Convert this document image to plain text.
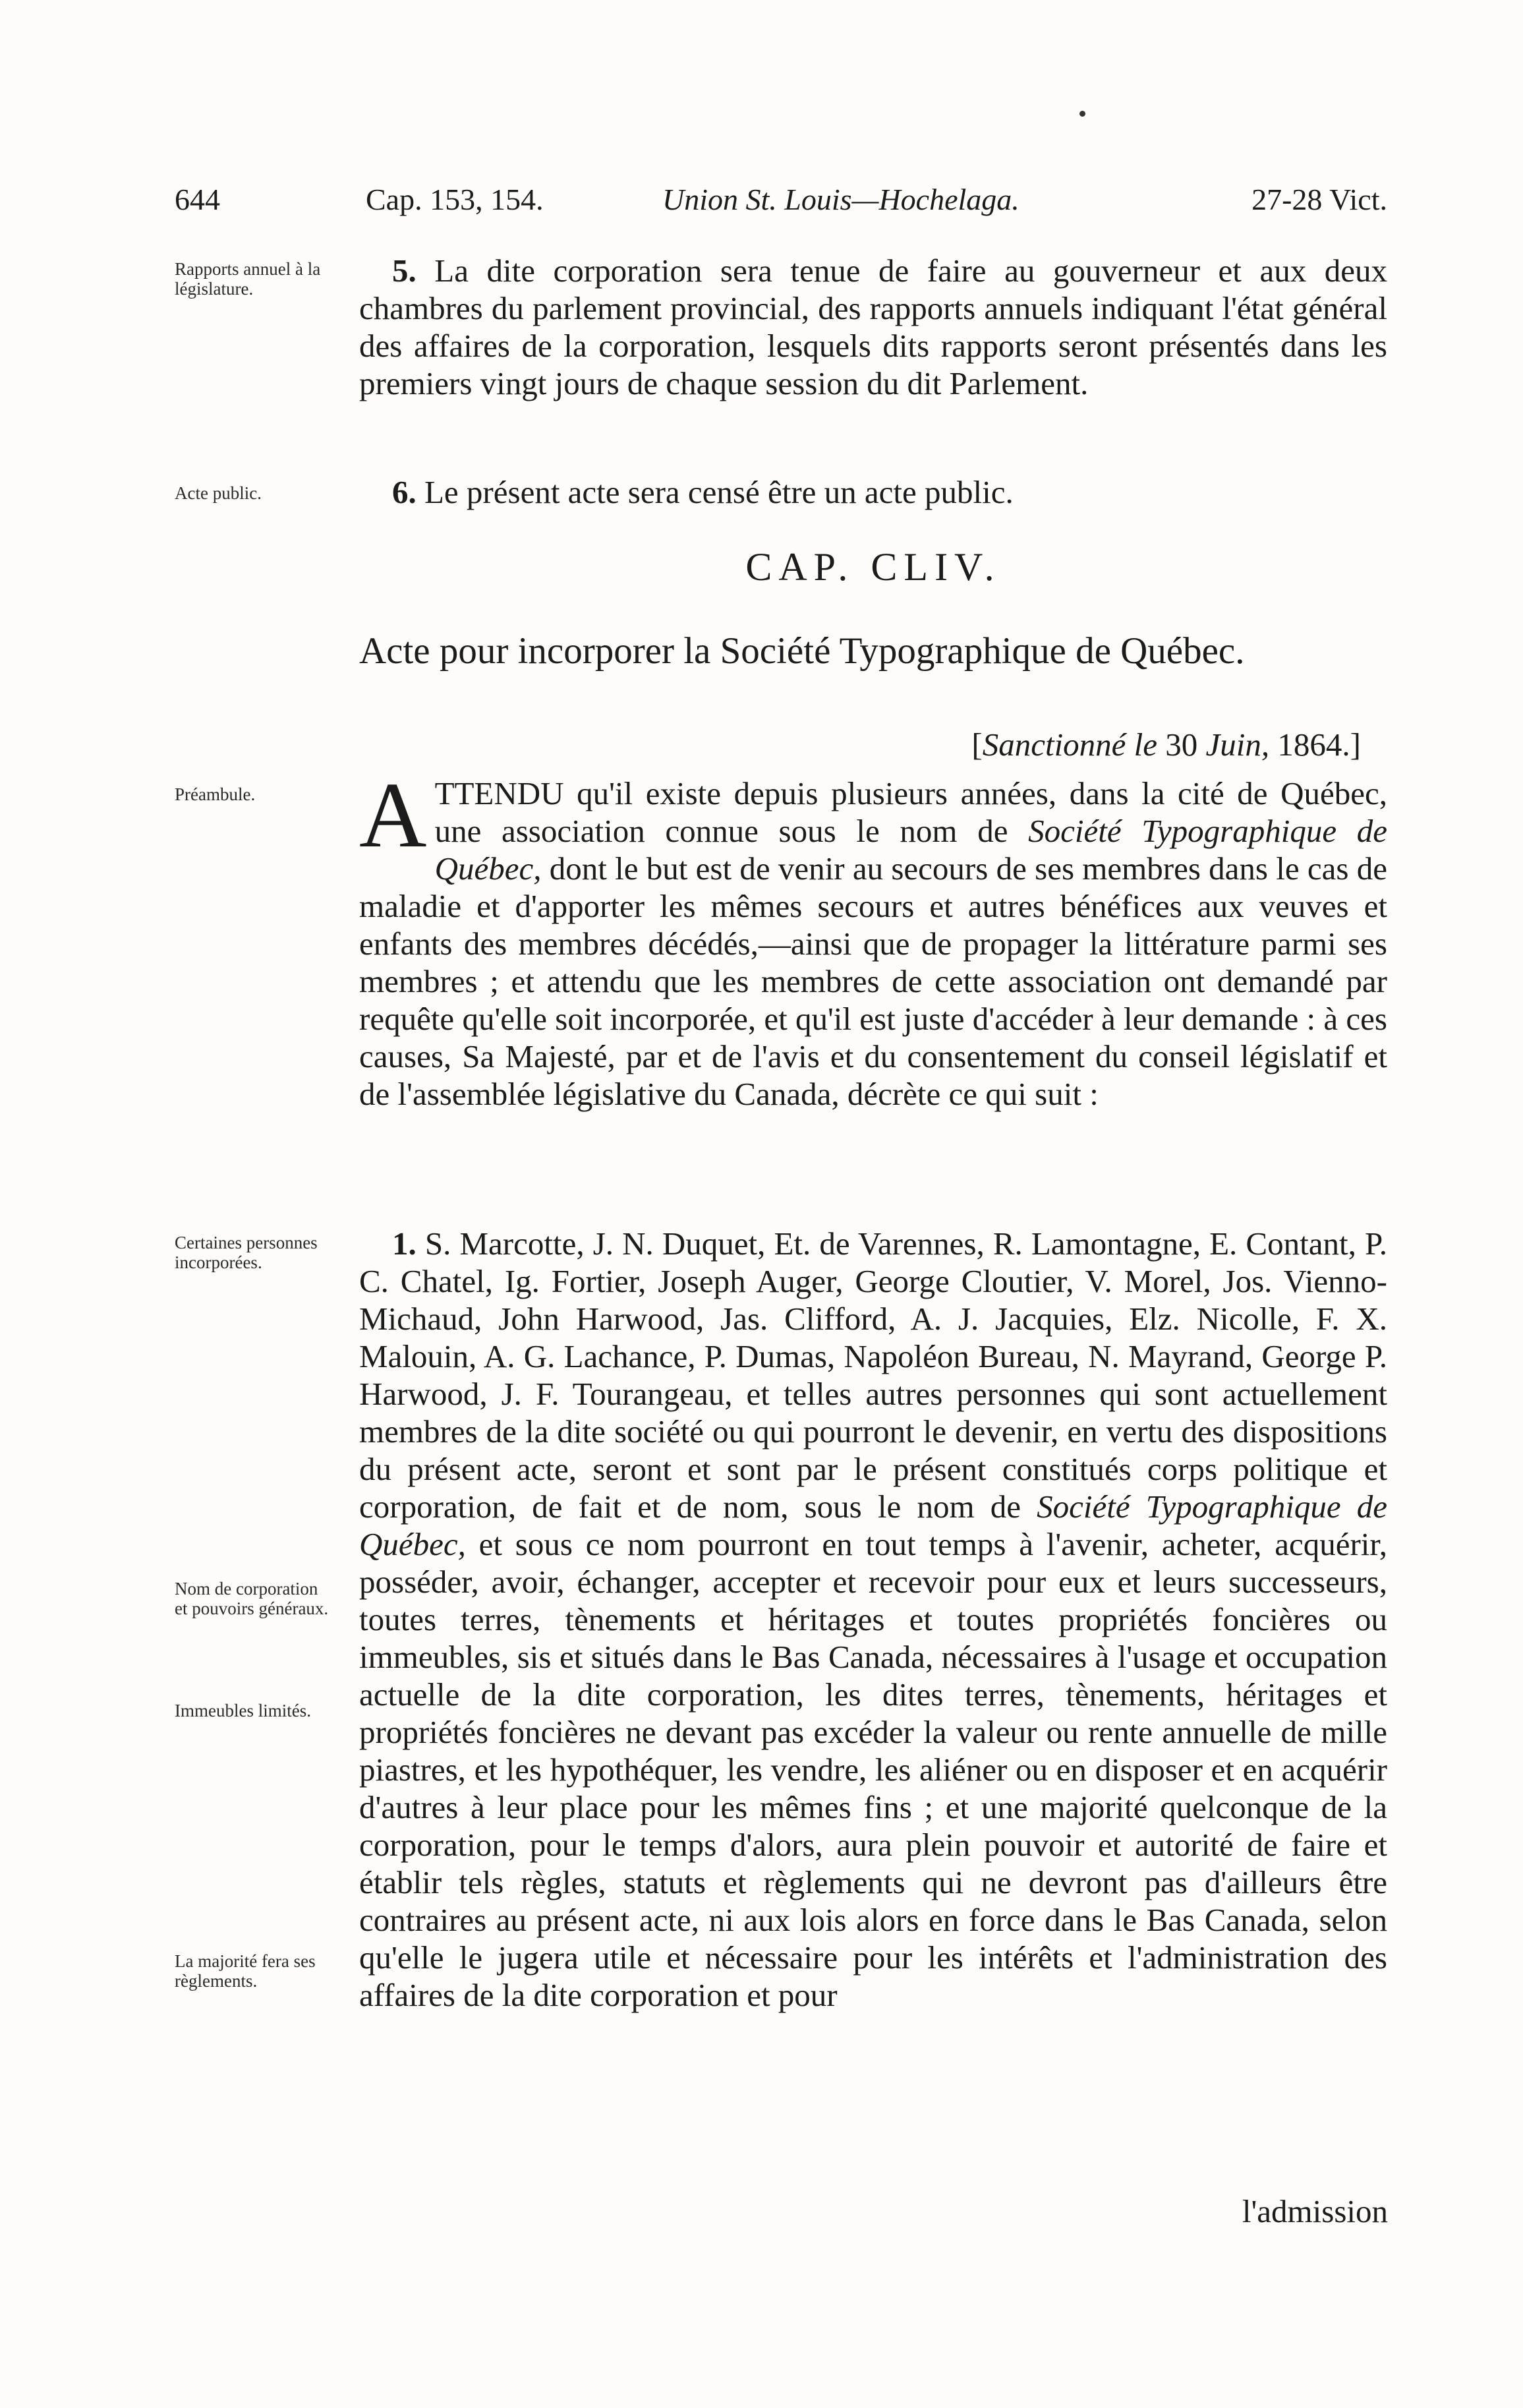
644	Cap. 153, 154.	Union St. Louis—Hochelaga.	27-28 Vict.
Rapports annuel à la législature.	5. La dite corporation sera tenue de faire au gouverneur et aux deux chambres du parlement provincial, des rapports annuels indiquant l'état général des affaires de la corporation, lesquels dits rapports seront présentés dans les premiers vingt jours de chaque session du dit Parlement.
Acte public.	6. Le présent acte sera censé être un acte public.
CAP. CLIV.
Acte pour incorporer la Société Typographique de Québec.
[Sanctionné le 30 Juin, 1864.]
Préambule.	ATTENDU qu'il existe depuis plusieurs années, dans la cité de Québec, une association connue sous le nom de Société Typographique de Québec, dont le but est de venir au secours de ses membres dans le cas de maladie et d'apporter les mêmes secours et autres bénéfices aux veuves et enfants des membres décédés,—ainsi que de propager la littérature parmi ses membres ; et attendu que les membres de cette association ont demandé par requête qu'elle soit incorporée, et qu'il est juste d'accéder à leur demande : à ces causes, Sa Majesté, par et de l'avis et du consentement du conseil législatif et de l'assemblée législative du Canada, décrète ce qui suit :
Certaines personnes incorporées.
Nom de corporation et pouvoirs généraux.
Immeubles limités.
La majorité fera ses règlements.
1. S. Marcotte, J. N. Duquet, Et. de Varennes, R. Lamontagne, E. Contant, P. C. Chatel, Ig. Fortier, Joseph Auger, George Cloutier, V. Morel, Jos. Vienno-Michaud, John Harwood, Jas. Clifford, A. J. Jacquies, Elz. Nicolle, F. X. Malouin, A. G. Lachance, P. Dumas, Napoléon Bureau, N. Mayrand, George P. Harwood, J. F. Tourangeau, et telles autres personnes qui sont actuellement membres de la dite société ou qui pourront le devenir, en vertu des dispositions du présent acte, seront et sont par le présent constitués corps politique et corporation, de fait et de nom, sous le nom de Société Typographique de Québec, et sous ce nom pourront en tout temps à l'avenir, acheter, acquérir, posséder, avoir, échanger, accepter et recevoir pour eux et leurs successeurs, toutes terres, tènements et héritages et toutes propriétés foncières ou immeubles, sis et situés dans le Bas Canada, nécessaires à l'usage et occupation actuelle de la dite corporation, les dites terres, tènements, héritages et propriétés foncières ne devant pas excéder la valeur ou rente annuelle de mille piastres, et les hypothéquer, les vendre, les aliéner ou en disposer et en acquérir d'autres à leur place pour les mêmes fins ; et une majorité quelconque de la corporation, pour le temps d'alors, aura plein pouvoir et autorité de faire et établir tels règles, statuts et règlements qui ne devront pas d'ailleurs être contraires au présent acte, ni aux lois alors en force dans le Bas Canada, selon qu'elle le jugera utile et nécessaire pour les intérêts et l'administration des affaires de la dite corporation et pour
l'admission
